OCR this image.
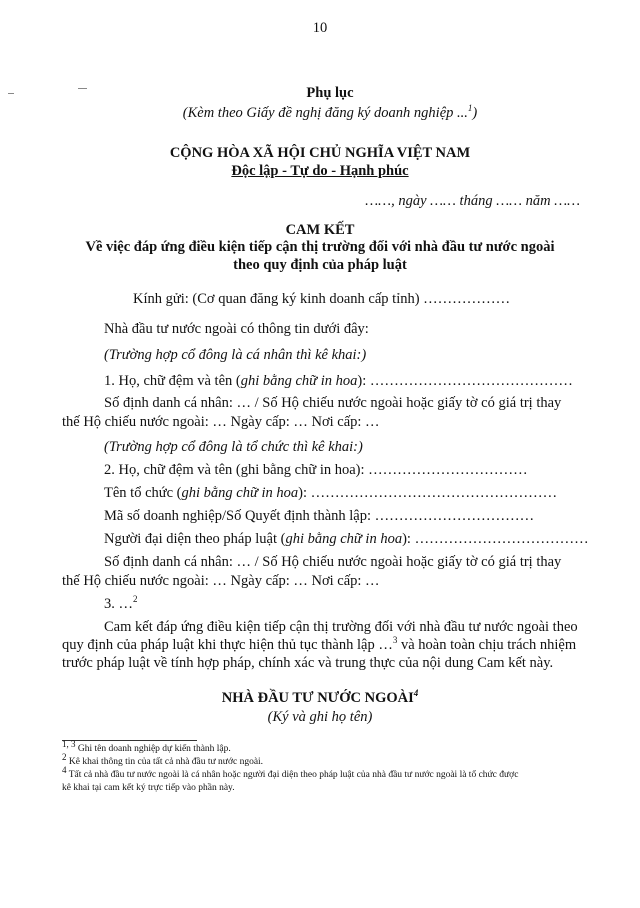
10
Phụ lục
(Kèm theo Giấy đề nghị đăng ký doanh nghiệp ...$^1$)
CỘNG HÒA XÃ HỘI CHỦ NGHĨA VIỆT NAM
Độc lập - Tự do - Hạnh phúc
……, ngày …… tháng …… năm ……
CAM KẾT
Về việc đáp ứng điều kiện tiếp cận thị trường đối với nhà đầu tư nước ngoài
theo quy định của pháp luật
Kính gửi: (Cơ quan đăng ký kinh doanh cấp tỉnh) ………………
Nhà đầu tư nước ngoài có thông tin dưới đây:
(Trường hợp cổ đông là cá nhân thì kê khai:)
1. Họ, chữ đệm và tên (ghi bằng chữ in hoa): ……………………………………
Số định danh cá nhân: … / Số Hộ chiếu nước ngoài hoặc giấy tờ có giá trị thay
thế Hộ chiếu nước ngoài: … Ngày cấp: … Nơi cấp: …
(Trường hợp cổ đông là tổ chức thì kê khai:)
2. Họ, chữ đệm và tên (ghi bằng chữ in hoa): ……………………………
Tên tổ chức (ghi bằng chữ in hoa): ……………………………………………
Mã số doanh nghiệp/Số Quyết định thành lập: ……………………………
Người đại diện theo pháp luật (ghi bằng chữ in hoa): ………………………………
Số định danh cá nhân: … / Số Hộ chiếu nước ngoài hoặc giấy tờ có giá trị thay
thế Hộ chiếu nước ngoài: … Ngày cấp: … Nơi cấp: …
3. …$^2$
Cam kết đáp ứng điều kiện tiếp cận thị trường đối với nhà đầu tư nước ngoài theo
quy định của pháp luật khi thực hiện thủ tục thành lập …$^3$ và hoàn toàn chịu trách nhiệm
trước pháp luật về tính hợp pháp, chính xác và trung thực của nội dung Cam kết này.
NHÀ ĐẦU TƯ NƯỚC NGOÀI$^4$
(Ký và ghi họ tên)
$^{1, 3}$ Ghi tên doanh nghiệp dự kiến thành lập.
$^2$ Kê khai thông tin của tất cả nhà đầu tư nước ngoài.
$^4$ Tất cả nhà đầu tư nước ngoài là cá nhân hoặc người đại diện theo pháp luật của nhà đầu tư nước ngoài là tổ chức được
kê khai tại cam kết ký trực tiếp vào phần này.
